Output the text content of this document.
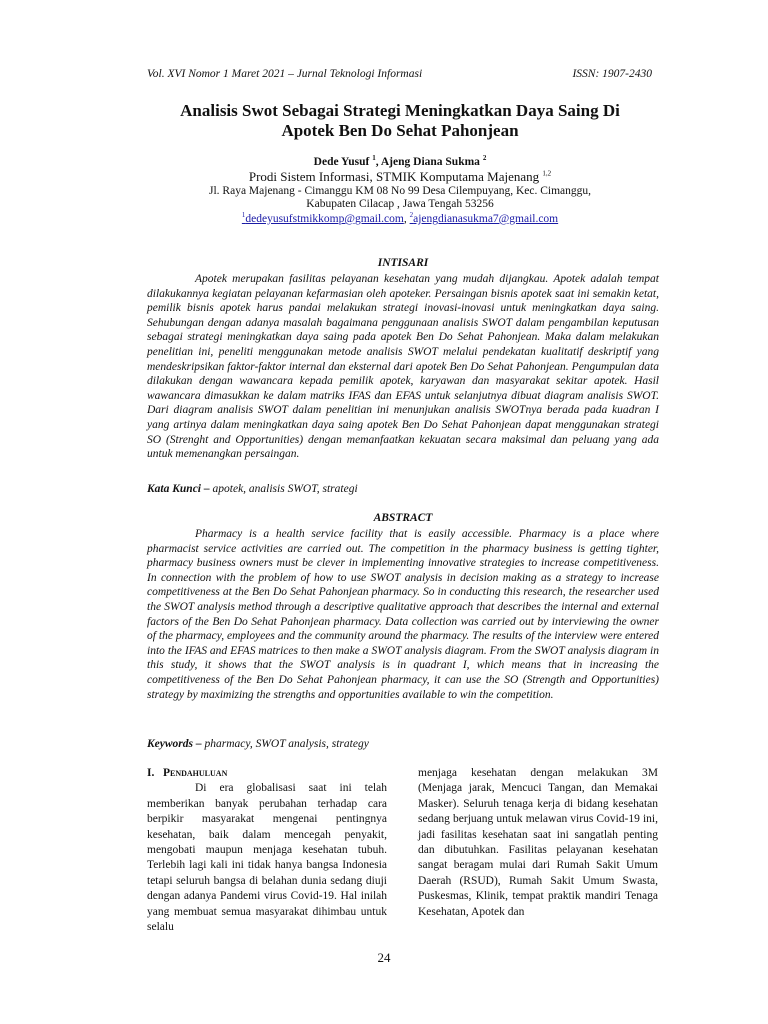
Vol. XVI Nomor 1 Maret 2021 – Jurnal Teknologi Informasi	ISSN: 1907-2430
Analisis Swot Sebagai Strategi Meningkatkan Daya Saing Di
Apotek Ben Do Sehat Pahonjean
Dede Yusuf $^1$, Ajeng Diana Sukma $^2$
Prodi Sistem Informasi, STMIK Komputama Majenang $^{1,2}$
Jl. Raya Majenang - Cimanggu KM 08 No 99 Desa Cilempuyang, Kec. Cimanggu,
Kabupaten Cilacap , Jawa Tengah 53256
$^1$dedeyusufstmikkomp@gmail.com, $^2$ajengdianasukma7@gmail.com
INTISARI

Apotek merupakan fasilitas pelayanan kesehatan yang mudah dijangkau. Apotek adalah tempat dilakukannya kegiatan pelayanan kefarmasian oleh apoteker. Persaingan bisnis apotek saat ini semakin ketat, pemilik bisnis apotek harus pandai melakukan strategi inovasi-inovasi untuk meningkatkan daya saing. Sehubungan dengan adanya masalah bagaimana penggunaan analisis SWOT dalam pengambilan keputusan sebagai strategi meningkatkan daya saing pada apotek Ben Do Sehat Pahonjean. Maka dalam melakukan penelitian ini, peneliti menggunakan metode analisis SWOT melalui pendekatan kualitatif deskriptif yang mendeskripsikan faktor-faktor internal dan eksternal dari apotek Ben Do Sehat Pahonjean. Pengumpulan data dilakukan dengan wawancara kepada pemilik apotek, karyawan dan masyarakat sekitar apotek. Hasil wawancara dimasukkan ke dalam matriks IFAS dan EFAS untuk selanjutnya dibuat diagram analisis SWOT. Dari diagram analisis SWOT dalam penelitian ini menunjukan analisis SWOTnya berada pada kuadran I yang artinya dalam meningkatkan daya saing apotek Ben Do Sehat Pahonjean dapat menggunakan strategi SO (Strenght and Opportunities) dengan memanfaatkan kekuatan secara maksimal dan peluang yang ada untuk memenangkan persaingan.

Kata Kunci – apotek, analisis SWOT, strategi
ABSTRACT

Pharmacy is a health service facility that is easily accessible. Pharmacy is a place where pharmacist service activities are carried out. The competition in the pharmacy business is getting tighter, pharmacy business owners must be clever in implementing innovative strategies to increase competitiveness. In connection with the problem of how to use SWOT analysis in decision making as a strategy to increase competitiveness at the Ben Do Sehat Pahonjean pharmacy. So in conducting this research, the researcher used the SWOT analysis method through a descriptive qualitative approach that describes the internal and external factors of the Ben Do Sehat Pahonjean pharmacy. Data collection was carried out by interviewing the owner of the pharmacy, employees and the community around the pharmacy. The results of the interview were entered into the IFAS and EFAS matrices to then make a SWOT analysis diagram. From the SWOT analysis diagram in this study, it shows that the SWOT analysis is in quadrant I, which means that in increasing the competitiveness of the Ben Do Sehat Pahonjean pharmacy, it can use the SO (Strength and Opportunities) strategy by maximizing the strengths and opportunities available to win the competition.

Keywords – pharmacy, SWOT analysis, strategy
I. Pendahuluan

Di era globalisasi saat ini telah memberikan banyak perubahan terhadap cara berpikir masyarakat mengenai pentingnya kesehatan, baik dalam mencegah penyakit, mengobati maupun menjaga kesehatan tubuh. Terlebih lagi kali ini tidak hanya bangsa Indonesia tetapi seluruh bangsa di belahan dunia sedang diuji dengan adanya Pandemi virus Covid-19. Hal inilah yang membuat semua masyarakat dihimbau untuk selalu

menjaga kesehatan dengan melakukan 3M (Menjaga jarak, Mencuci Tangan, dan Memakai Masker). Seluruh tenaga kerja di bidang kesehatan sedang berjuang untuk melawan virus Covid-19 ini, jadi fasilitas kesehatan saat ini sangatlah penting dan dibutuhkan. Fasilitas pelayanan kesehatan sangat beragam mulai dari Rumah Sakit Umum Daerah (RSUD), Rumah Sakit Umum Swasta, Puskesmas, Klinik, tempat praktik mandiri Tenaga Kesehatan, Apotek dan

24
